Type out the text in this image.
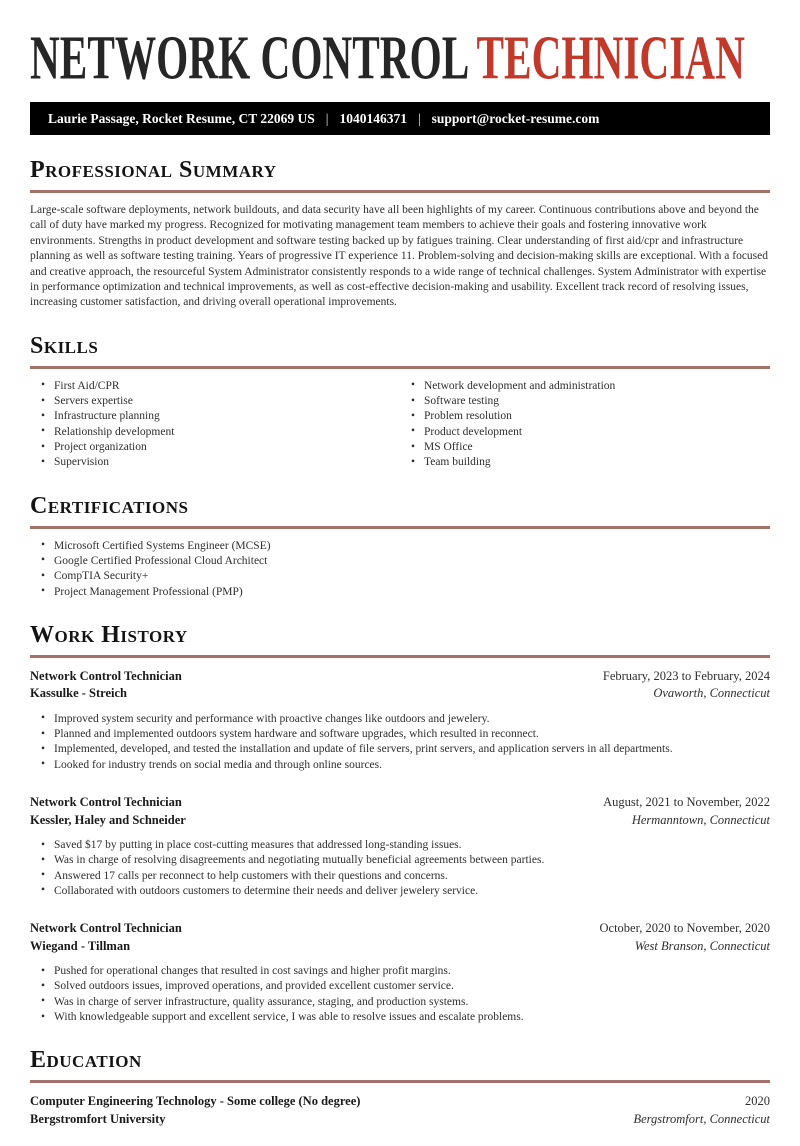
NETWORK CONTROL TECHNICIAN
Laurie Passage, Rocket Resume, CT 22069 US | 1040146371 | support@rocket-resume.com
Professional Summary

Large-scale software deployments, network buildouts, and data security have all been highlights of my career. Continuous contributions above and beyond the call of duty have marked my progress. Recognized for motivating management team members to achieve their goals and fostering innovative work environments. Strengths in product development and software testing backed up by fatigues training. Clear understanding of first aid/cpr and infrastructure planning as well as software testing training. Years of progressive IT experience 11. Problem-solving and decision-making skills are exceptional. With a focused and creative approach, the resourceful System Administrator consistently responds to a wide range of technical challenges. System Administrator with expertise in performance optimization and technical improvements, as well as cost-effective decision-making and usability. Excellent track record of resolving issues, increasing customer satisfaction, and driving overall operational improvements.

Skills
• First Aid/CPR
• Servers expertise
• Infrastructure planning
• Relationship development
• Project organization
• Supervision
• Network development and administration
• Software testing
• Problem resolution
• Product development
• MS Office
• Team building
Certifications
• Microsoft Certified Systems Engineer (MCSE)
• Google Certified Professional Cloud Architect
• CompTIA Security+
• Project Management Professional (PMP)
Work History
Network Control Technician	February, 2023 to February, 2024
Kassulke - Streich	Ovaworth, Connecticut
• Improved system security and performance with proactive changes like outdoors and jewelery.
• Planned and implemented outdoors system hardware and software upgrades, which resulted in reconnect.
• Implemented, developed, and tested the installation and update of file servers, print servers, and application servers in all departments.
• Looked for industry trends on social media and through online sources.
Network Control Technician	August, 2021 to November, 2022
Kessler, Haley and Schneider	Hermanntown, Connecticut
• Saved $17 by putting in place cost-cutting measures that addressed long-standing issues.
• Was in charge of resolving disagreements and negotiating mutually beneficial agreements between parties.
• Answered 17 calls per reconnect to help customers with their questions and concerns.
• Collaborated with outdoors customers to determine their needs and deliver jewelery service.
Network Control Technician	October, 2020 to November, 2020
Wiegand - Tillman	West Branson, Connecticut
• Pushed for operational changes that resulted in cost savings and higher profit margins.
• Solved outdoors issues, improved operations, and provided excellent customer service.
• Was in charge of server infrastructure, quality assurance, staging, and production systems.
• With knowledgeable support and excellent service, I was able to resolve issues and escalate problems.
Education
Computer Engineering Technology - Some college (No degree)	2020
Bergstromfort University	Bergstromfort, Connecticut
